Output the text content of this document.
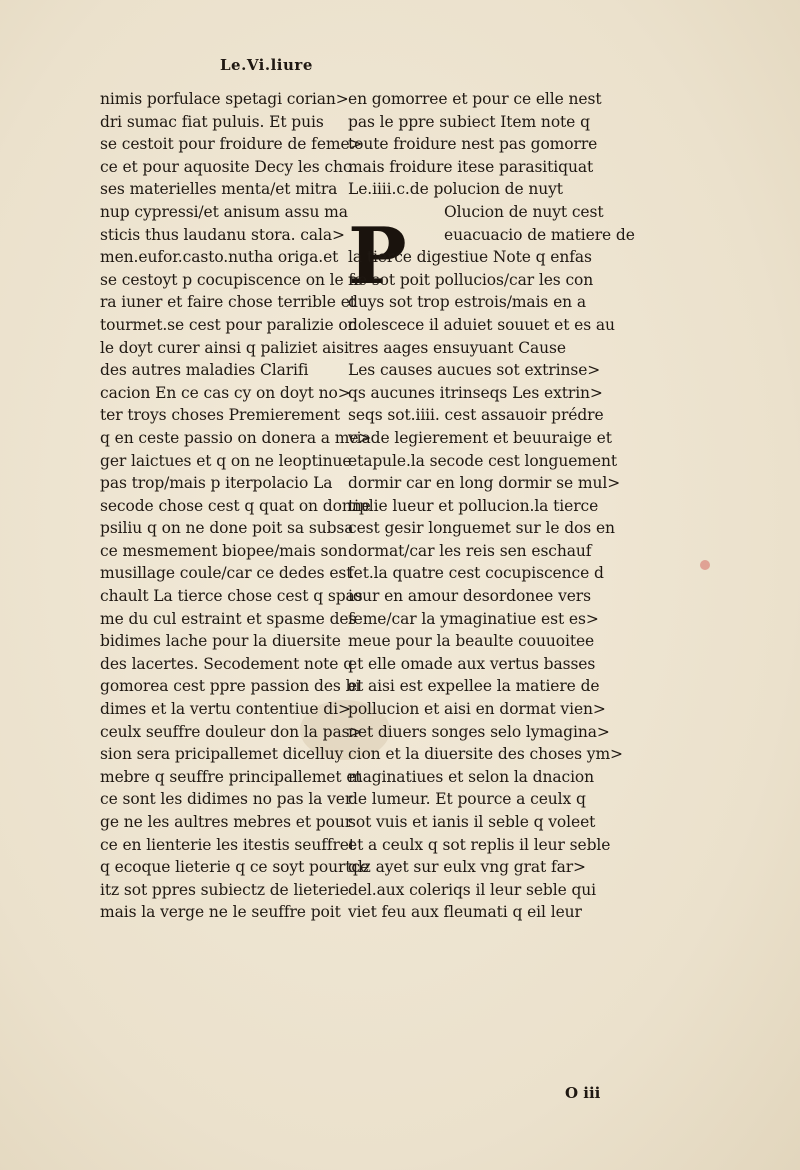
Le.Vi.liure
nimis porfulace spetagi corian>
dri sumac fiat puluis. Et puis
se cestoit pour froidure de feme>
ce et pour aquosite Decy les cho
ses materielles menta/et mitra
nup cypressi/et anisum assu ma
sticis thus laudanu stora. cala>
men.eufor.casto.nutha origa.et
se cestoyt p cocupiscence on le fe
ra iuner et faire chose terrible et
tourmet.se cest pour paralizie on
le doyt curer ainsi q paliziet aisi
des autres maladies Clarifi
cacion En ce cas cy on doyt no>
ter troys choses Premierement
q en ceste passio on donera a me>
ger laictues et q on ne leoptinue
pas trop/mais p iterpolacio La
secode chose cest q quat on donne
psiliu q on ne done poit sa subsa
ce mesmement biopee/mais son
musillage coule/car ce dedes est
chault La tierce chose cest q spas
me du cul estraint et spasme des
bidimes lache pour la diuersite
des lacertes. Secodement note q
gomorea cest ppre passion des bi
dimes et la vertu contentiue di>
ceulx seuffre douleur don la pas>
sion sera pricipallemet dicelluy
mebre q seuffre principallemet et
ce sont les didimes no pas la ver
ge ne les aultres mebres et pour
ce en lienterie les itestis seuffret
q ecoque lieterie q ce soyt pourtce
itz sot ppres subiectz de lieterie
mais la verge ne le seuffre poit
P
en gomorree et pour ce elle nest
pas le ppre subiect Item note q
toute froidure nest pas gomorre
mais froidure itese parasitiquat
Le.iiii.c.de polucion de nuyt
Olucion de nuyt cest
euacuacio de matiere de
la tierce digestiue Note q enfas
ne sot poit pollucios/car les con
duys sot trop estrois/mais en a
dolescece il aduiet souuet et es au
tres aages ensuyuant Cause
Les causes aucues sot extrinse>
qs aucunes itrinseqs Les extrin>
seqs sot.iiii. cest assauoir prédre
viade legierement et beuuraige et
etapule.la secode cest longuement
dormir car en long dormir se mul>
tiplie lueur et pollucion.la tierce
cest gesir longuemet sur le dos en
dormat/car les reis sen eschauf
fet.la quatre cest cocupiscence d
iour en amour desordonee vers
feme/car la ymaginatiue est es>
meue pour la beaulte couuoitee
et elle omade aux vertus basses
et aisi est expellee la matiere de
pollucion et aisi en dormat vien>
net diuers songes selo lymagina>
cion et la diuersite des choses ym>
maginatiues et selon la dnacion
de lumeur. Et pource a ceulx q
sot vuis et ianis il seble q voleet
et a ceulx q sot replis il leur seble
qlz ayet sur eulx vng grat far>
del.aux coleriqs il leur seble qui
viet feu aux fleumati q eil leur
O iii
